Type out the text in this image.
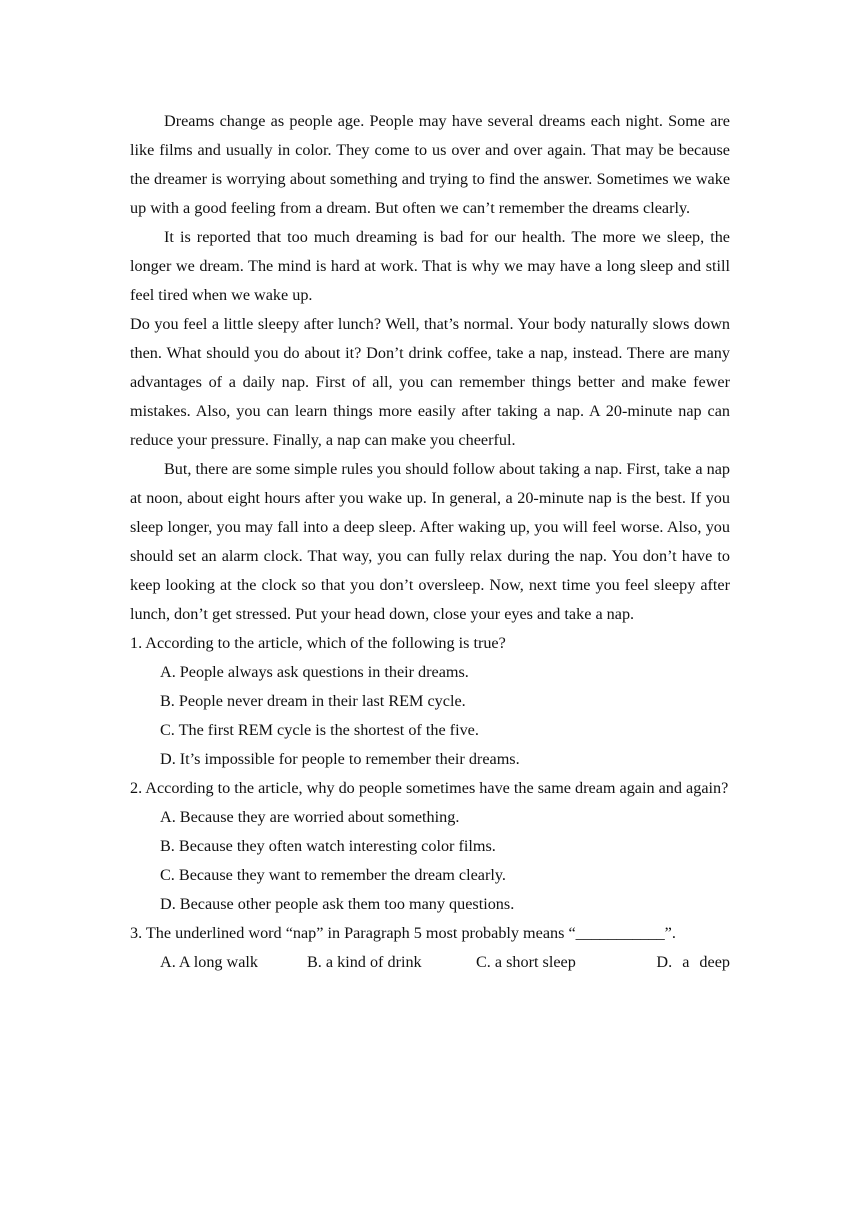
Dreams change as people age. People may have several dreams each night. Some are like films and usually in color. They come to us over and over again. That may be because the dreamer is worrying about something and trying to find the answer. Sometimes we wake up with a good feeling from a dream. But often we can’t remember the dreams clearly.

It is reported that too much dreaming is bad for our health. The more we sleep, the longer we dream. The mind is hard at work. That is why we may have a long sleep and still feel tired when we wake up.

Do you feel a little sleepy after lunch? Well, that’s normal. Your body naturally slows down then. What should you do about it? Don’t drink coffee, take a nap, instead. There are many advantages of a daily nap. First of all, you can remember things better and make fewer mistakes. Also, you can learn things more easily after taking a nap. A 20-minute nap can reduce your pressure. Finally, a nap can make you cheerful.

But, there are some simple rules you should follow about taking a nap. First, take a nap at noon, about eight hours after you wake up. In general, a 20-minute nap is the best. If you sleep longer, you may fall into a deep sleep. After waking up, you will feel worse. Also, you should set an alarm clock. That way, you can fully relax during the nap. You don’t have to keep looking at the clock so that you don’t oversleep. Now, next time you feel sleepy after lunch, don’t get stressed. Put your head down, close your eyes and take a nap.

1. According to the article, which of the following is true?

A. People always ask questions in their dreams.

B. People never dream in their last REM cycle.

C. The first REM cycle is the shortest of the five.

D. It’s impossible for people to remember their dreams.

2. According to the article, why do people sometimes have the same dream again and again?

A. Because they are worried about something.

B. Because they often watch interesting color films.

C. Because they want to remember the dream clearly.

D. Because other people ask them too many questions.

3. The underlined word “nap” in Paragraph 5 most probably means “___________”.

A. A long walk	B. a kind of drink	C. a short sleep	D. a deep
